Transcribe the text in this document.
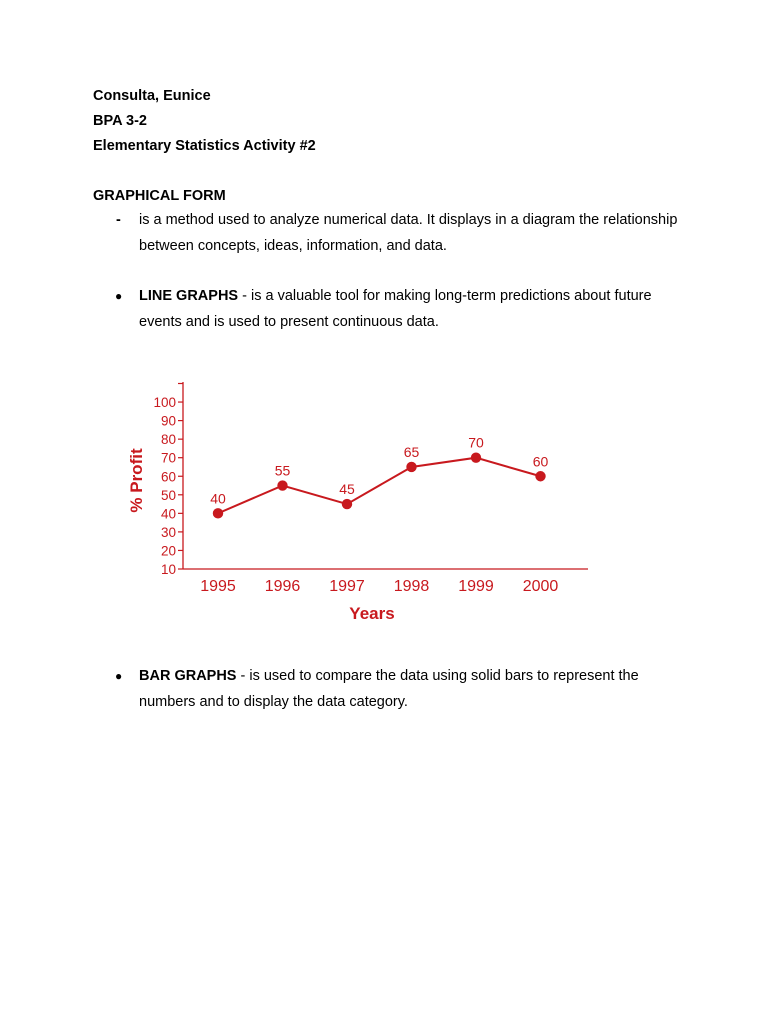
Consulta, Eunice
BPA 3-2
Elementary Statistics Activity #2
GRAPHICAL FORM
-	is a method used to analyze numerical data. It displays in a diagram the relationship between concepts, ideas, information, and data.
●	LINE GRAPHS - is a valuable tool for making long-term predictions about future events and is used to present continuous data.
10
20
30
40
50
60
70
80
90
100
1995 1996 1997 1998 1999 2000
40
55
45
65
70
60
% Profit
Years
●	BAR GRAPHS - is used to compare the data using solid bars to represent the numbers and to display the data category.
